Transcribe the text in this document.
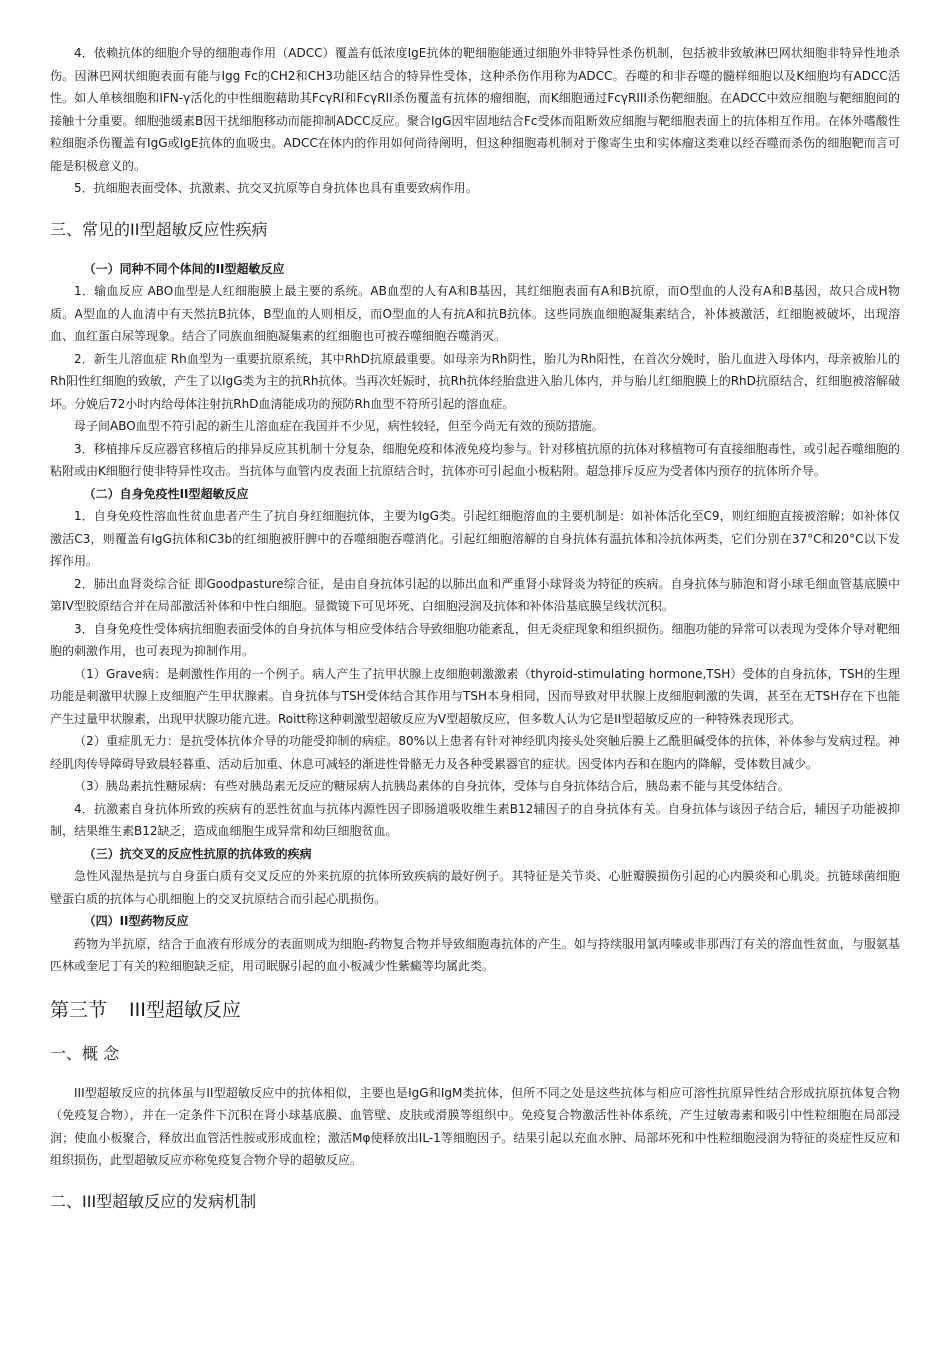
4．依赖抗体的细胞介导的细胞毒作用（ADCC）覆盖有低浓度IgE抗体的靶细胞能通过细胞外非特异性杀伤机制，包括被非致敏淋巴网状细胞非特异性地杀伤。因淋巴网状细胞表面有能与Igg Fc的CH2和CH3功能区结合的特异性受体，这种杀伤作用称为ADCC。吞噬的和非吞噬的髓样细胞以及K细胞均有ADCC活性。如人单核细胞和IFN-γ活化的中性细胞藉助其FcγRI和FcγRII杀伤覆盖有抗体的瘤细胞，而K细胞通过FcγRIII杀伤靶细胞。在ADCC中效应细胞与靶细胞间的接触十分重要。细胞弛缓素B因干扰细胞移动而能抑制ADCC反应。聚合IgG因牢固地结合Fc受体而阻断效应细胞与靶细胞表面上的抗体相互作用。在体外嗜酸性粒细胞杀伤覆盖有IgG或IgE抗体的血吸虫。ADCC在体内的作用如何尚待阐明，但这种细胞毒机制对于像寄生虫和实体瘤这类难以经吞噬而杀伤的细胞靶而言可能是积极意义的。

5．抗细胞表面受体、抗激素、抗交叉抗原等自身抗体也具有重要致病作用。

三、常见的II型超敏反应性疾病
（一）同种不同个体间的II型超敏反应

1．输血反应 ABO血型是人红细胞膜上最主要的系统。AB血型的人有A和B基因，其红细胞表面有A和B抗原，而O型血的人没有A和B基因，故只合成H物质。A型血的人血清中有天然抗B抗体，B型血的人则相反，而O型血的人有抗A和抗B抗体。这些同族血细胞凝集素结合，补体被激活，红细胞被破坏，出现溶血、血红蛋白尿等现象。结合了同族血细胞凝集素的红细胞也可被吞噬细胞吞噬消灭。

2．新生儿溶血症 Rh血型为一重要抗原系统，其中RhD抗原最重要。如母亲为Rh阴性，胎儿为Rh阳性，在首次分娩时，胎儿血进入母体内，母亲被胎儿的Rh阳性红细胞的致敏，产生了以IgG类为主的抗Rh抗体。当再次妊娠时，抗Rh抗体经胎盘进入胎儿体内，并与胎儿红细胞膜上的RhD抗原结合，红细胞被溶解破坏。分娩后72小时内给母体注射抗RhD血清能成功的预防Rh血型不符所引起的溶血症。

母子间ABO血型不符引起的新生儿溶血症在我国并不少见，病性较轻，但至今尚无有效的预防措施。

3．移植排斥反应器官移植后的排异反应其机制十分复杂，细胞免疫和体液免疫均参与。针对移植抗原的抗体对移植物可有直接细胞毒性，或引起吞噬细胞的粘附或由K细胞行使非特异性攻击。当抗体与血管内皮表面上抗原结合时，抗体亦可引起血小板粘附。超急排斥反应为受者体内预存的抗体所介导。

（二）自身免疫性II型超敏反应

1．自身免疫性溶血性贫血患者产生了抗自身红细胞抗体，主要为IgG类。引起红细胞溶血的主要机制是：如补体活化至C9，则红细胞直接被溶解；如补体仅激活C3，则覆盖有IgG抗体和C3b的红细胞被肝脾中的吞噬细胞吞噬消化。引起红细胞溶解的自身抗体有温抗体和冷抗体两类，它们分别在37°C和20°C以下发挥作用。

2．肺出血肾炎综合征 即Goodpasture综合征，是由自身抗体引起的以肺出血和严重肾小球肾炎为特征的疾病。自身抗体与肺泡和肾小球毛细血管基底膜中第IV型胶原结合并在局部激活补体和中性白细胞。显微镜下可见坏死、白细胞浸润及抗体和补体沿基底膜呈线状沉积。

3．自身免疫性受体病抗细胞表面受体的自身抗体与相应受体结合导致细胞功能紊乱，但无炎症现象和组织损伤。细胞功能的异常可以表现为受体介导对靶细胞的刺激作用，也可表现为抑制作用。

（1）Grave病：是刺激性作用的一个例子。病人产生了抗甲状腺上皮细胞刺激激素（thyroid-stimulating hormone,TSH）受体的自身抗体，TSH的生理功能是刺激甲状腺上皮细胞产生甲状腺素。自身抗体与TSH受体结合其作用与TSH本身相同，因而导致对甲状腺上皮细胞刺激的失调，甚至在无TSH存在下也能产生过量甲状腺素，出现甲状腺功能亢进。Roitt称这种刺激型超敏反应为V型超敏反应，但多数人认为它是II型超敏反应的一种特殊表现形式。

（2）重症肌无力：是抗受体抗体介导的功能受抑制的病症。80%以上患者有针对神经肌肉接头处突触后膜上乙酰胆碱受体的抗体，补体参与发病过程。神经肌肉传导障碍导致晨轻暮重、活动后加重、休息可减轻的渐进性骨骼无力及各种受累器官的症状。因受体内吞和在胞内的降解，受体数目减少。

（3）胰岛素抗性糖尿病：有些对胰岛素无反应的糖尿病人抗胰岛素体的自身抗体，受体与自身抗体结合后，胰岛素不能与其受体结合。

4．抗激素自身抗体所致的疾病有的恶性贫血与抗体内源性因子即肠道吸收维生素B12辅因子的自身抗体有关。自身抗体与该因子结合后，辅因子功能被抑制，结果维生素B12缺乏，造成血细胞生成异常和幼巨细胞贫血。

（三）抗交叉的反应性抗原的抗体致的疾病

急性风湿热是抗与自身蛋白质有交叉反应的外来抗原的抗体所致疾病的最好例子。其特征是关节炎、心脏瓣膜损伤引起的心内膜炎和心肌炎。抗链球菌细胞壁蛋白质的抗体与心肌细胞上的交叉抗原结合而引起心肌损伤。

（四）II型药物反应

药物为半抗原，结合于血液有形成分的表面则成为细胞-药物复合物并导致细胞毒抗体的产生。如与持续服用氯丙嗪或非那西汀有关的溶血性贫血，与服氨基匹林或奎尼丁有关的粒细胞缺乏症，用司眠脲引起的血小板减少性紫癜等均属此类。

第三节 III型超敏反应
一、概 念

III型超敏反应的抗体虽与II型超敏反应中的抗体相似，主要也是IgG和IgM类抗体，但所不同之处是这些抗体与相应可溶性抗原异性结合形成抗原抗体复合物（免疫复合物），并在一定条件下沉积在肾小球基底膜、血管壁、皮肤或滑膜等组织中。免疫复合物激活性补体系统，产生过敏毒素和吸引中性粒细胞在局部浸润；使血小板聚合，释放出血管活性胺或形成血栓；激活Mφ使释放出IL-1等细胞因子。结果引起以充血水肿、局部坏死和中性粒细胞浸润为特征的炎症性反应和组织损伤，此型超敏反应亦称免疫复合物介导的超敏反应。

二、III型超敏反应的发病机制
